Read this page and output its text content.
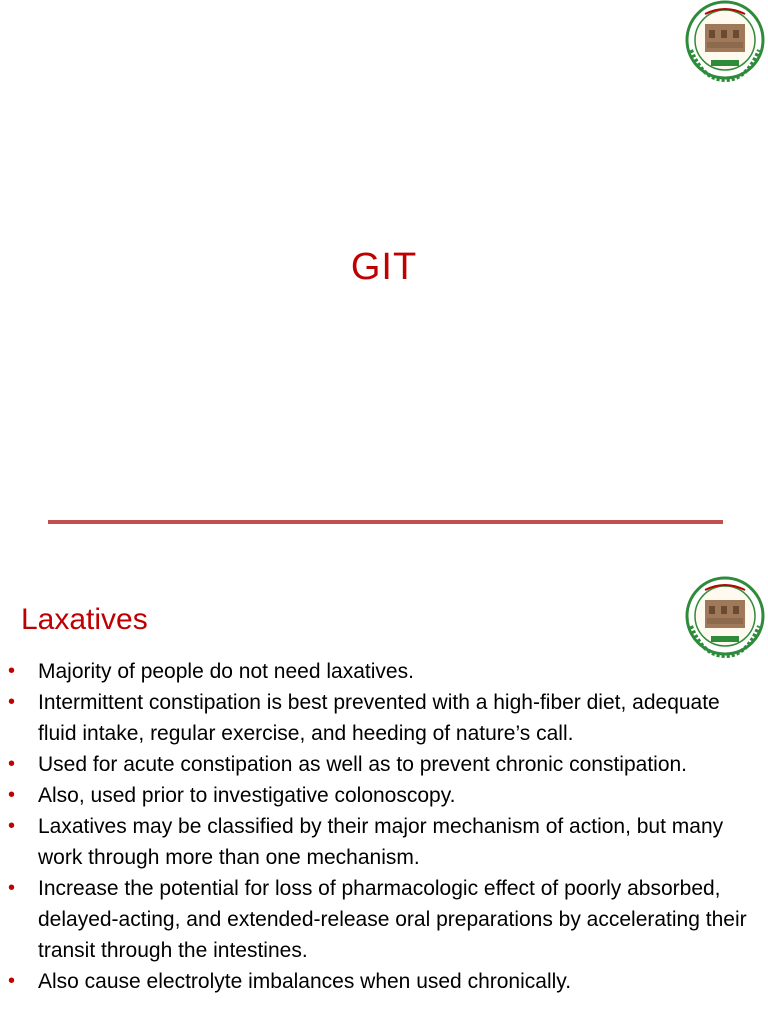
GIT
Laxatives
• Majority of people do not need laxatives.
• Intermittent constipation is best prevented with a high-fiber diet, adequate fluid intake, regular exercise, and heeding of nature’s call.
• Used for acute constipation as well as to prevent chronic constipation.
• Also, used prior to investigative colonoscopy.
• Laxatives may be classified by their major mechanism of action, but many work through more than one mechanism.
• Increase the potential for loss of pharmacologic effect of poorly absorbed, delayed-acting, and extended-release oral preparations by accelerating their transit through the intestines.
• Also cause electrolyte imbalances when used chronically.
